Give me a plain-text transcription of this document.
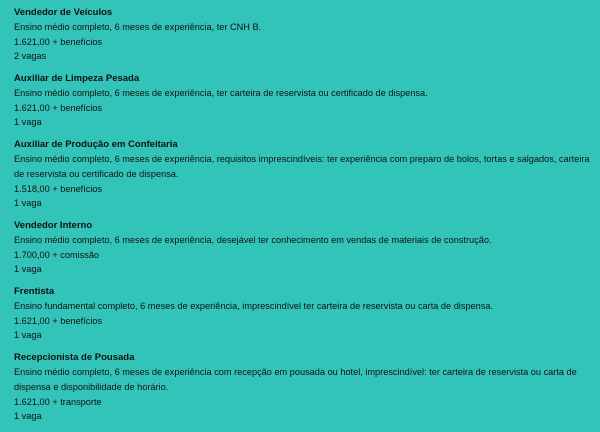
Vendedor de Veículos

Ensino médio completo, 6 meses de experiência, ter CNH B.

1.621,00 + benefícios

2 vagas

Auxiliar de Limpeza Pesada

Ensino médio completo, 6 meses de experiência, ter carteira de reservista ou certificado de dispensa.

1.621,00 + benefícios

1 vaga

Auxiliar de Produção em Confeitaria

Ensino médio completo, 6 meses de experiência, requisitos imprescindíveis: ter experiência com preparo de bolos, tortas e salgados, carteira de reservista ou certificado de dispensa.

1.518,00 + benefícios

1 vaga

Vendedor Interno

Ensino médio completo, 6 meses de experiência, desejável ter conhecimento em vendas de materiais de construção.

1.700,00 + comissão

1 vaga

Frentista

Ensino fundamental completo, 6 meses de experiência, imprescindível ter carteira de reservista ou carta de dispensa.

1.621,00 + benefícios

1 vaga

Recepcionista de Pousada

Ensino médio completo, 6 meses de experiência com recepção em pousada ou hotel, imprescindível: ter carteira de reservista ou carta de dispensa e disponibilidade de horário.

1.621,00 + transporte

1 vaga
